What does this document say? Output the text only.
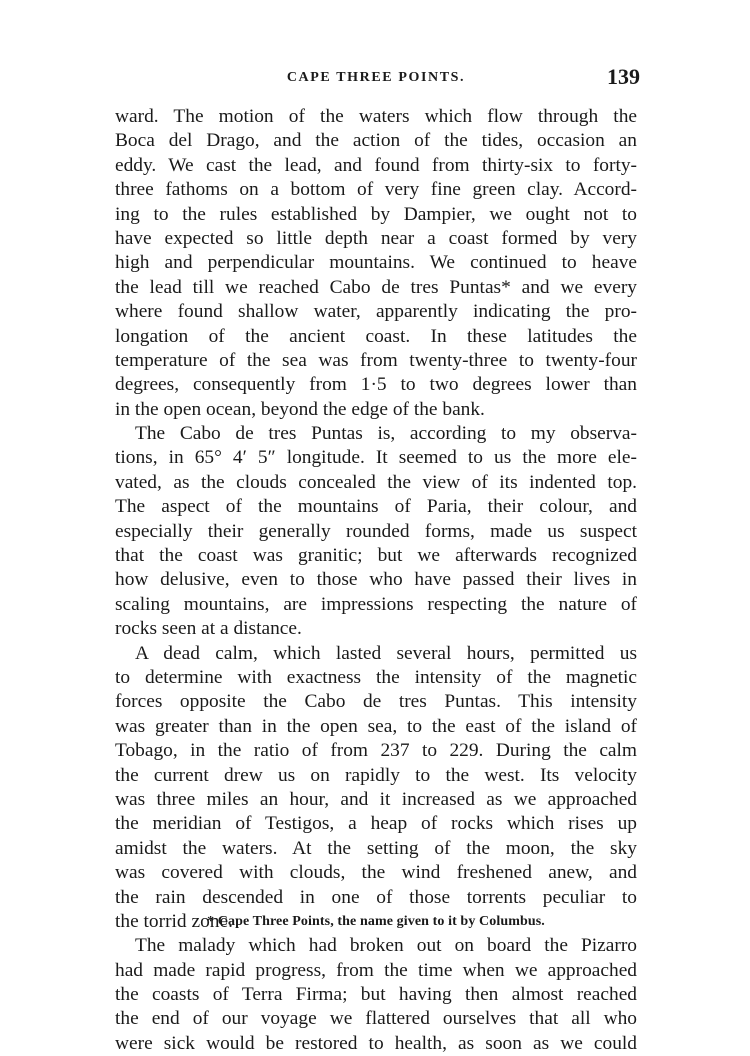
CAPE THREE POINTS.	139
ward. The motion of the waters which flow through the
Boca del Drago, and the action of the tides, occasion an
eddy. We cast the lead, and found from thirty-six to forty-
three fathoms on a bottom of very fine green clay. Accord-
ing to the rules established by Dampier, we ought not to
have expected so little depth near a coast formed by very
high and perpendicular mountains. We continued to heave
the lead till we reached Cabo de tres Puntas* and we every
where found shallow water, apparently indicating the pro-
longation of the ancient coast. In these latitudes the
temperature of the sea was from twenty-three to twenty-four
degrees, consequently from 1·5 to two degrees lower than
in the open ocean, beyond the edge of the bank.
The Cabo de tres Puntas is, according to my observa-
tions, in 65° 4′ 5″ longitude. It seemed to us the more ele-
vated, as the clouds concealed the view of its indented top.
The aspect of the mountains of Paria, their colour, and
especially their generally rounded forms, made us suspect
that the coast was granitic; but we afterwards recognized
how delusive, even to those who have passed their lives in
scaling mountains, are impressions respecting the nature of
rocks seen at a distance.
A dead calm, which lasted several hours, permitted us
to determine with exactness the intensity of the magnetic
forces opposite the Cabo de tres Puntas. This intensity
was greater than in the open sea, to the east of the island of
Tobago, in the ratio of from 237 to 229. During the calm
the current drew us on rapidly to the west. Its velocity
was three miles an hour, and it increased as we approached
the meridian of Testigos, a heap of rocks which rises up
amidst the waters. At the setting of the moon, the sky
was covered with clouds, the wind freshened anew, and
the rain descended in one of those torrents peculiar to
the torrid zone.
The malady which had broken out on board the Pizarro
had made rapid progress, from the time when we approached
the coasts of Terra Firma; but having then almost reached
the end of our voyage we flattered ourselves that all who
were sick would be restored to health, as soon as we could
* Cape Three Points, the name given to it by Columbus.
